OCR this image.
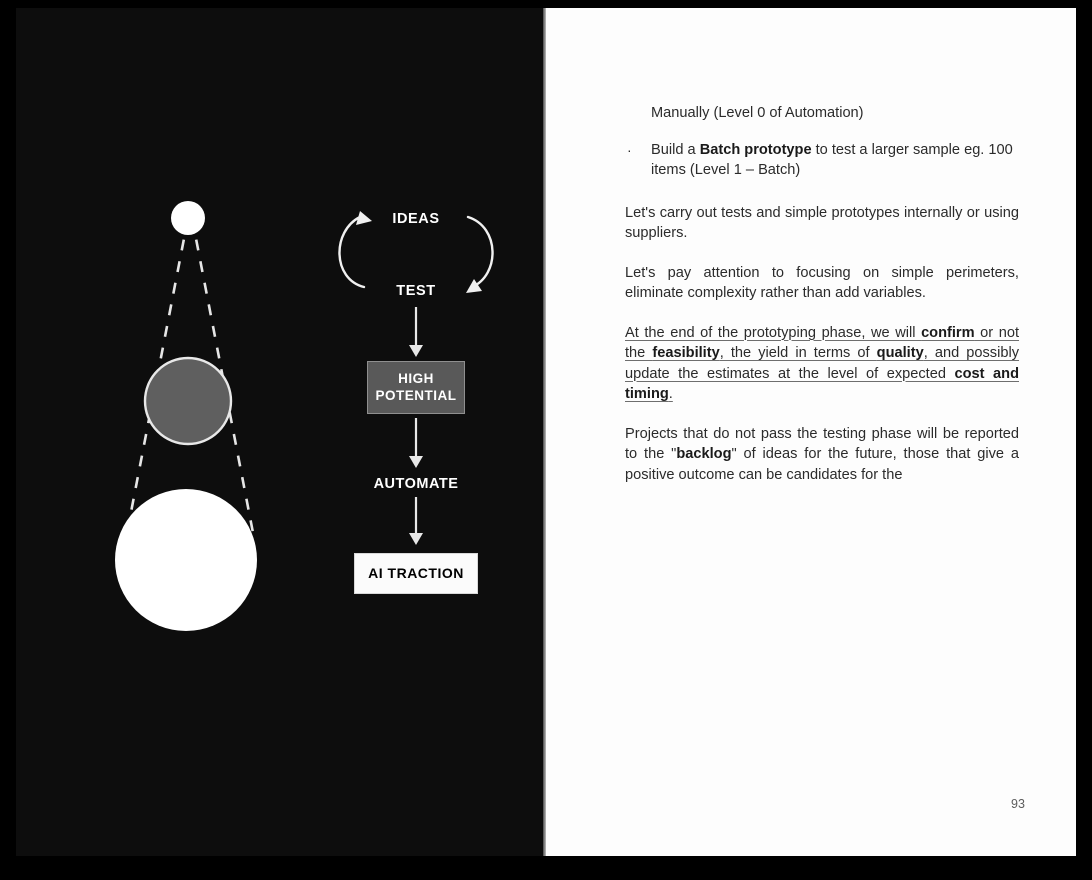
IDEAS
TEST
HIGH
POTENTIAL
AUTOMATE
AI TRACTION

Manually (Level 0 of Automation)

·	Build a Batch prototype to test a larger sample eg. 100 items (Level 1 – Batch)

Let's carry out tests and simple prototypes internally or using suppliers.

Let's pay attention to focusing on simple perimeters, eliminate complexity rather than add variables.

At the end of the prototyping phase, we will confirm or not the feasibility, the yield in terms of quality, and possibly update the estimates at the level of expected cost and timing.

Projects that do not pass the testing phase will be reported to the "backlog" of ideas for the future, those that give a positive outcome can be candidates for the

93
